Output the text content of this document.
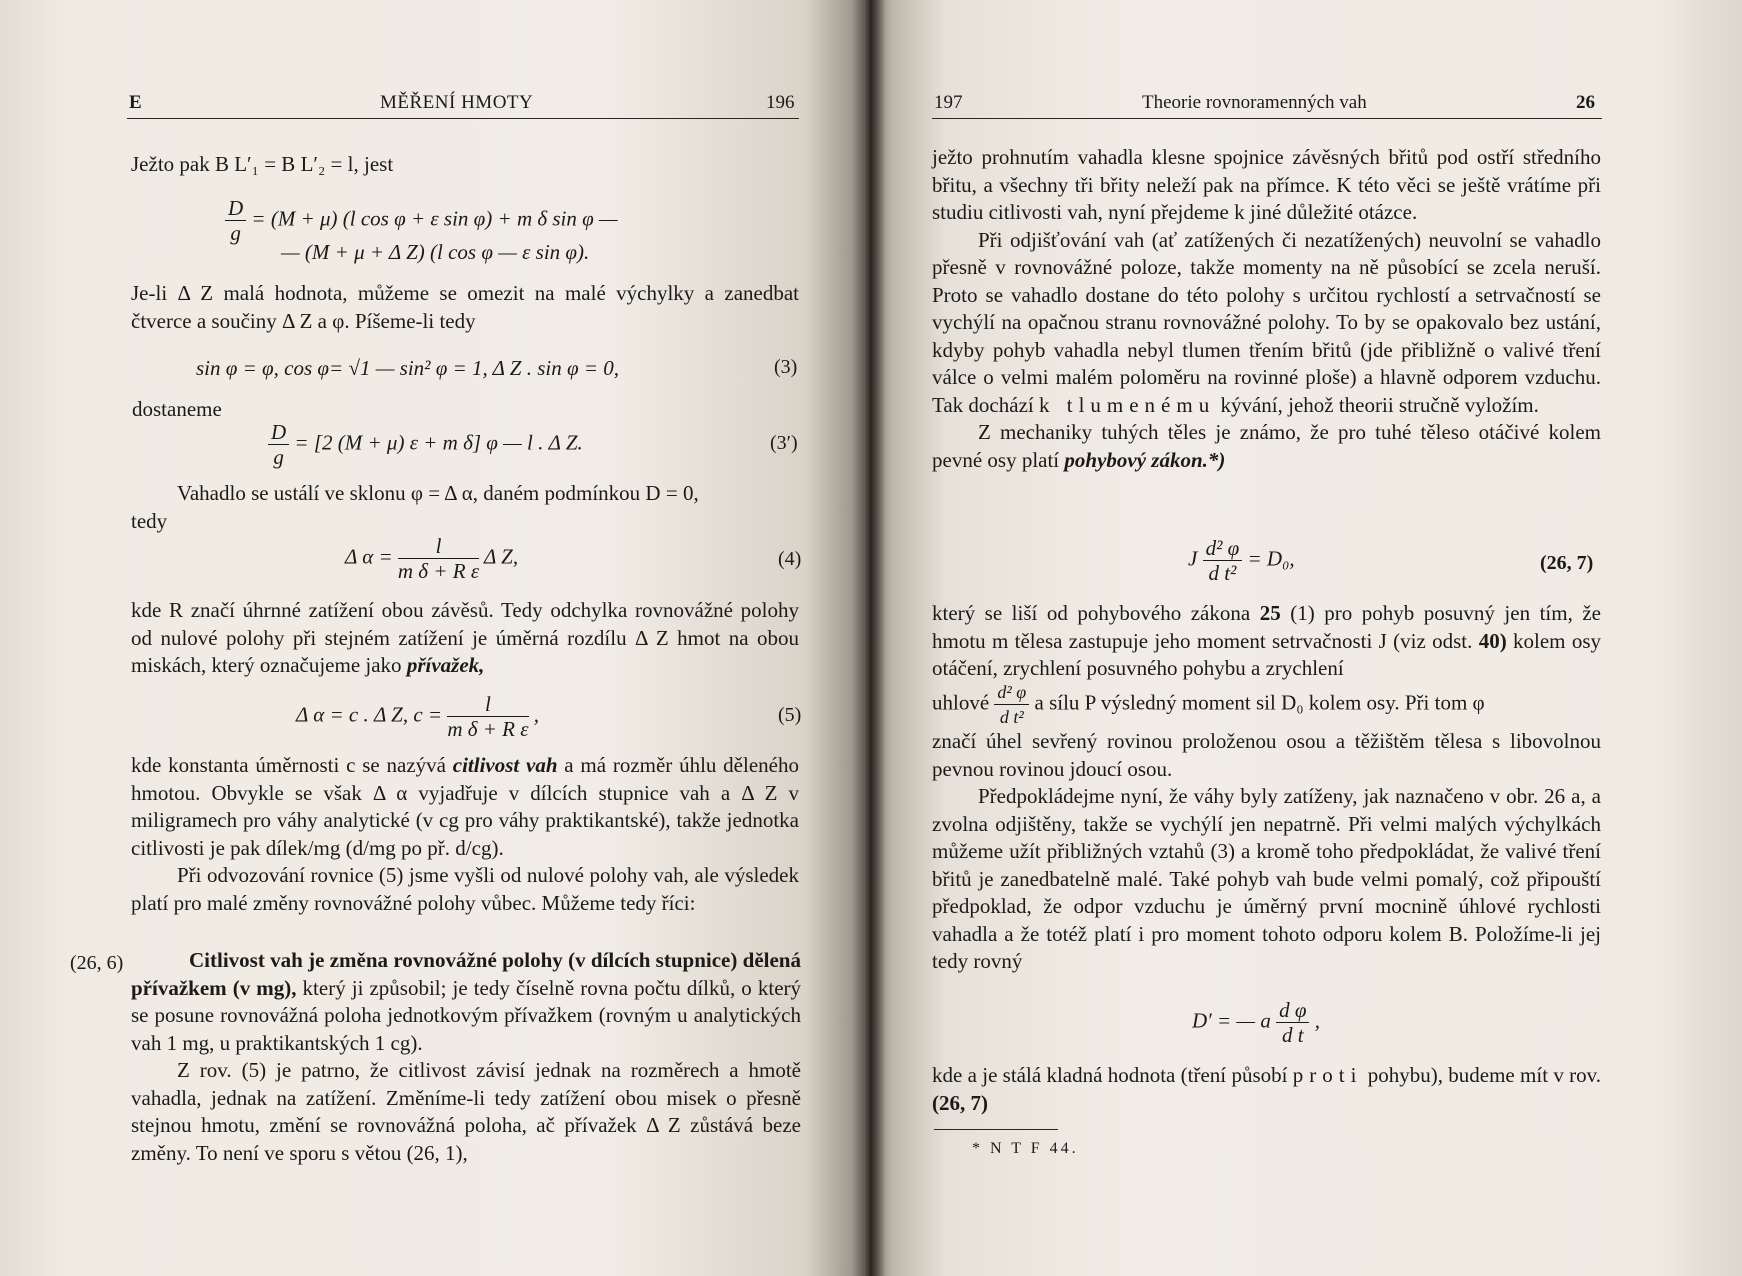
E	MĚŘENÍ HMOTY	196
Ježto pak B L′₁ = B L′₂ = l, jest
$\frac{D}{g} = (M + \mu)$ (l cos φ + ε sin φ) + m δ sin φ —
— (M + μ + Δ Z) (l cos φ — ε sin φ).

Je-li Δ Z malá hodnota, můžeme se omezit na malé výchylky a zanedbat čtverce a součiny Δ Z a φ. Píšeme-li tedy

sin φ = φ, cos φ= √1 — sin² φ = 1, Δ Z . sin φ = 0,	(3)
dostaneme
$\frac{D}{g} = [2$ (M + μ) ε + m δ] φ — l . Δ Z.	(3′)

Vahadlo se ustálí ve sklonu φ = Δ α, daném podmínkou D = 0,

tedy

Δ $\alpha = \frac{l}{\text{m δ + R ε}}$ Δ Z,	(4)

kde R značí úhrnné zatížení obou závěsů. Tedy odchylka rovnovážné polohy od nulové polohy při stejném zatížení je úměrná rozdílu Δ Z hmot na obou miskách, který označujeme jako přívažek,

Δ α = c . Δ Z, $c = \frac{l}{\text{m δ + R ε}}$ ,	(5)

kde konstanta úměrnosti c se nazývá citlivost vah a má rozměr úhlu děleného hmotou. Obvykle se však Δ α vyjadřuje v dílcích stupnice vah a Δ Z v miligramech pro váhy analytické (v cg pro váhy praktikantské), takže jednotka citlivosti je pak dílek/mg (d/mg po př. d/cg).

Při odvozování rovnice (5) jsme vyšli od nulové polohy vah, ale výsledek platí pro malé změny rovnovážné polohy vůbec. Můžeme tedy říci:

(26, 6)	Citlivost vah je změna rovnovážné polohy (v dílcích stupnice) dělená přívažkem (v mg), který ji způsobil; je tedy číselně rovna počtu dílků, o který se posune rovnovážná poloha jednotkovým přívažkem (rovným u analytických vah 1 mg, u praktikantských 1 cg).

Z rov. (5) je patrno, že citlivost závisí jednak na rozměrech a hmotě vahadla, jednak na zatížení. Změníme-li tedy zatížení obou misek o přesně stejnou hmotu, změní se rovnovážná poloha, ač přívažek Δ Z zůstává beze změny. To není ve sporu s větou (26, 1),

197	Theorie rovnoramenných vah	26

ježto prohnutím vahadla klesne spojnice závěsných břitů pod ostří středního břitu, a všechny tři břity neleží pak na přímce. K této věci se ještě vrátíme při studiu citlivosti vah, nyní přejdeme k jiné důležité otázce.

Při odjišťování vah (ať zatížených či nezatížených) neuvolní se vahadlo přesně v rovnovážné poloze, takže momenty na ně působící se zcela neruší. Proto se vahadlo dostane do této polohy s určitou rychlostí a setrvačností se vychýlí na opačnou stranu rovnovážné polohy. To by se opakovalo bez ustání, kdyby pohyb vahadla nebyl tlumen třením břitů (jde přibližně o valivé tření válce o velmi malém poloměru na rovinné ploše) a hlavně odporem vzduchu. Tak dochází k tlumenému kývání, jehož theorii stručně vyložím.

Z mechaniky tuhých těles je známo, že pro tuhé těleso otáčivé kolem pevné osy platí pohybový zákon.*)

J $\frac{\text{d² φ}}{\text{d t²}} = D_0$,	(26, 7)

který se liší od pohybového zákona 25 (1) pro pohyb posuvný jen tím, že hmotu m tělesa zastupuje jeho moment setrvačnosti J (viz odst. 40) kolem osy otáčení, zrychlení posuvného pohybu a zrychlení

uhlové $\frac{\text{d² φ}}{\text{d t²}}$ a sílu P výsledný moment sil D₀ kolem osy. Při tom φ

značí úhel sevřený rovinou proloženou osou a těžištěm tělesa s libovolnou pevnou rovinou jdoucí osou.

Předpokládejme nyní, že váhy byly zatíženy, jak naznačeno v obr. 26 a, a zvolna odjištěny, takže se vychýlí jen nepatrně. Při velmi malých výchylkách můžeme užít přibližných vztahů (3) a kromě toho předpokládat, že valivé tření břitů je zanedbatelně malé. Také pohyb vah bude velmi pomalý, což připouští předpoklad, že odpor vzduchu je úměrný první mocnině úhlové rychlosti vahadla a že totéž platí i pro moment tohoto odporu kolem B. Položíme-li jej tedy rovný

D′ = — a $\frac{\text{d φ}}{\text{d t}}$ ,

kde a je stálá kladná hodnota (tření působí proti pohybu), budeme mít v rov. (26, 7)

* N T F 44.
